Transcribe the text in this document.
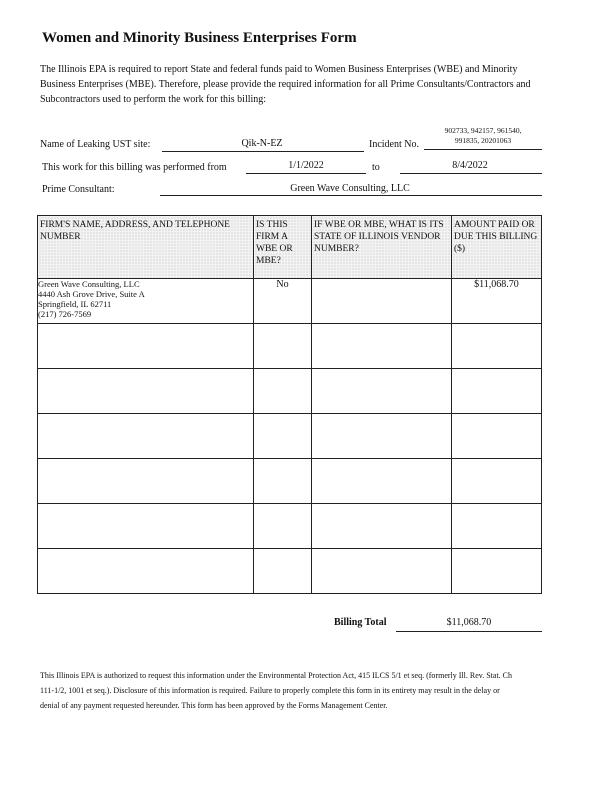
Women and Minority Business Enterprises Form
The Illinois EPA is required to report State and federal funds paid to Women Business Enterprises (WBE) and Minority Business Enterprises (MBE). Therefore, please provide the required information for all Prime Consultants/Contractors and Subcontractors used to perform the work for this billing:
Name of Leaking UST site:	Qik-N-EZ	Incident No.
902733, 942157, 961540,
991835, 20201063
This work for this billing was performed from	1/1/2022	to	8/4/2022
Prime Consultant:	Green Wave Consulting, LLC
FIRM'S NAME, ADDRESS, AND TELEPHONE NUMBER	IS THIS FIRM A WBE OR MBE?	IF WBE OR MBE, WHAT IS ITS STATE OF ILLINOIS VENDOR NUMBER?	AMOUNT PAID OR DUE THIS BILLING ($)

Green Wave Consulting, LLC
4440 Ash Grove Drive, Suite A
Springfield, IL 62711
(217) 726-7569	No		$11,068.70

Billing Total	$11,068.70
This Illinois EPA is authorized to request this information under the Environmental Protection Act, 415 ILCS 5/1 et seq. (formerly Ill. Rev. Stat. Ch 111-1/2, 1001 et seq.). Disclosure of this information is required. Failure to properly complete this form in its entirety may result in the delay or denial of any payment requested hereunder. This form has been approved by the Forms Management Center.
